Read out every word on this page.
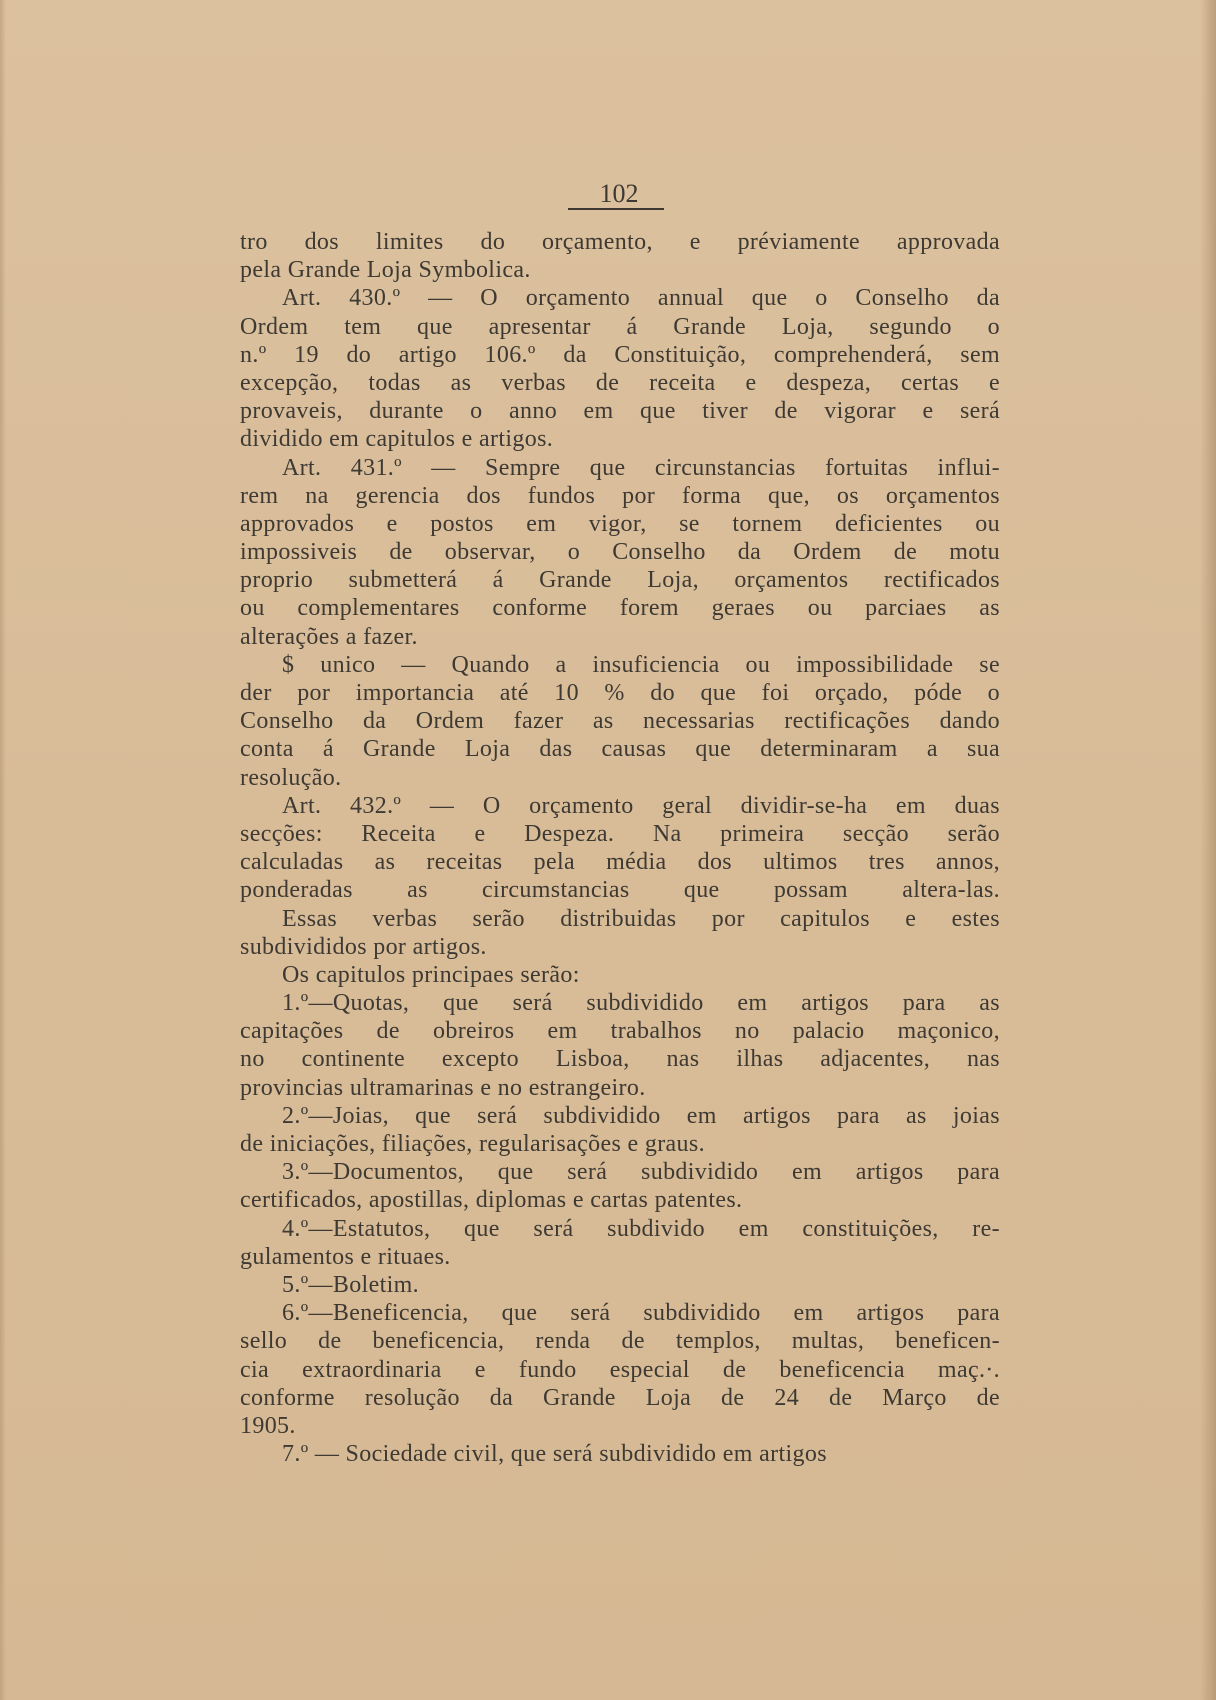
102
tro dos limites do orçamento, e préviamente approvada
pela Grande Loja Symbolica.
Art. 430.º — O orçamento annual que o Conselho da
Ordem tem que apresentar á Grande Loja, segundo o
n.º 19 do artigo 106.º da Constituição, comprehenderá, sem
excepção, todas as verbas de receita e despeza, certas e
provaveis, durante o anno em que tiver de vigorar e será
dividido em capitulos e artigos.
Art. 431.º — Sempre que circunstancias fortuitas influi-
rem na gerencia dos fundos por forma que, os orçamentos
approvados e postos em vigor, se tornem deficientes ou
impossiveis de observar, o Conselho da Ordem de motu
proprio submetterá á Grande Loja, orçamentos rectificados
ou complementares conforme forem geraes ou parciaes as
alterações a fazer.
$ unico — Quando a insuficiencia ou impossibilidade se
der por importancia até 10 % do que foi orçado, póde o
Conselho da Ordem fazer as necessarias rectificações dando
conta á Grande Loja das causas que determinaram a sua
resolução.
Art. 432.º — O orçamento geral dividir-se-ha em duas
secções: Receita e Despeza. Na primeira secção serão
calculadas as receitas pela média dos ultimos tres annos,
ponderadas as circumstancias que possam altera-las.
Essas verbas serão distribuidas por capitulos e estes
subdivididos por artigos.
Os capitulos principaes serão:
1.º—Quotas, que será subdividido em artigos para as
capitações de obreiros em trabalhos no palacio maçonico,
no continente excepto Lisboa, nas ilhas adjacentes, nas
provincias ultramarinas e no estrangeiro.
2.º—Joias, que será subdividido em artigos para as joias
de iniciações, filiações, regularisações e graus.
3.º—Documentos, que será subdividido em artigos para
certificados, apostillas, diplomas e cartas patentes.
4.º—Estatutos, que será subdivido em constituições, re-
gulamentos e rituaes.
5.º—Boletim.
6.º—Beneficencia, que será subdividido em artigos para
sello de beneficencia, renda de templos, multas, beneficen-
cia extraordinaria e fundo especial de beneficencia maç.·.
conforme resolução da Grande Loja de 24 de Março de
1905.
7.º — Sociedade civil, que será subdividido em artigos
